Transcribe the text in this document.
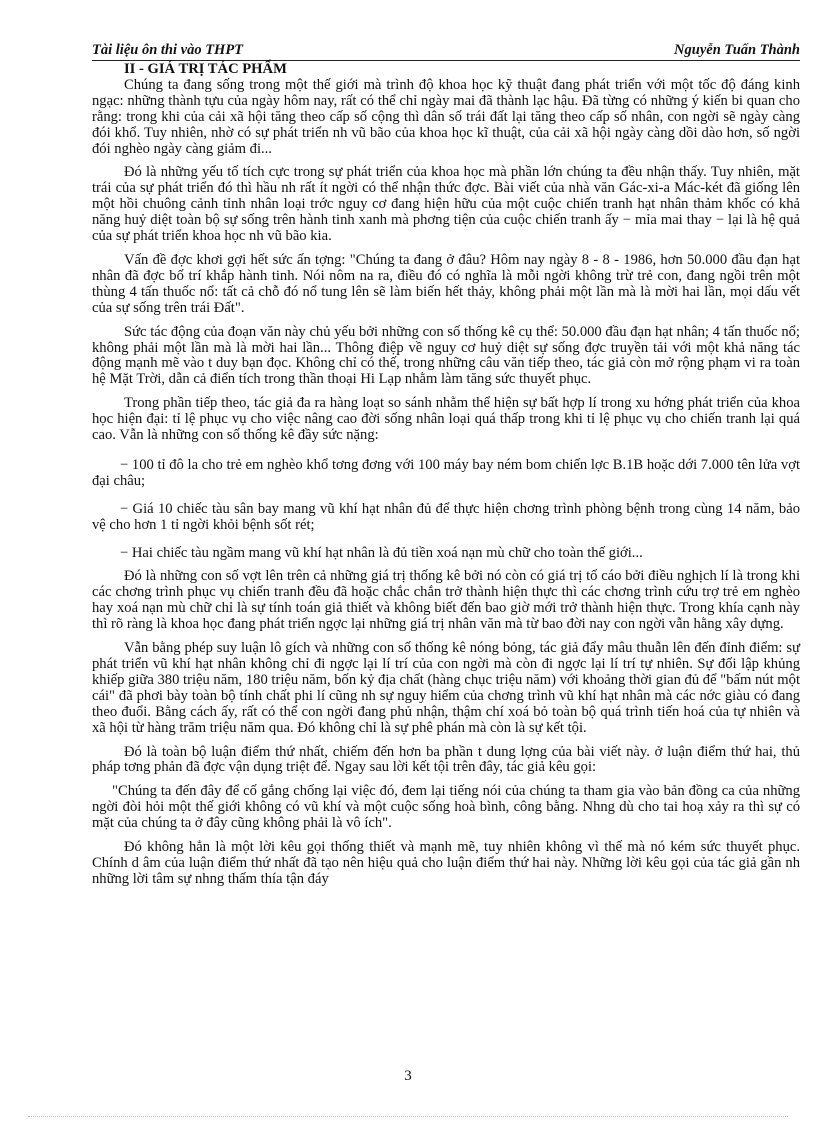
Tài liệu ôn thi vào THPT	Nguyễn Tuấn Thành
II - GIÁ TRỊ TÁC PHẨM

Chúng ta đang sống trong một thế giới mà trình độ khoa học kỹ thuật đang phát triển với một tốc độ đáng kinh ngạc: những thành tựu của ngày hôm nay, rất có thể chỉ ngày mai đã thành lạc hậu. Đã từng có những ý kiến bi quan cho rằng: trong khi của cải xã hội tăng theo cấp số cộng thì dân số trái đất lại tăng theo cấp số nhân, con ngời sẽ ngày càng đói khổ. Tuy nhiên, nhờ có sự phát triển nh vũ bão của khoa học kĩ thuật, của cải xã hội ngày càng dồi dào hơn, số ngời đói nghèo ngày càng giảm đi...

Đó là những yếu tố tích cực trong sự phát triển của khoa học mà phần lớn chúng ta đều nhận thấy. Tuy nhiên, mặt trái của sự phát triển đó thì hầu nh rất ít ngời có thể nhận thức đợc. Bài viết của nhà văn Gác-xi-a Mác-két đã giống lên một hồi chuông cảnh tỉnh nhân loại trớc nguy cơ đang hiện hữu của một cuộc chiến tranh hạt nhân thảm khốc có khả năng huỷ diệt toàn bộ sự sống trên hành tinh xanh mà phơng tiện của cuộc chiến tranh ấy − mỉa mai thay − lại là hệ quả của sự phát triển khoa học nh vũ bão kia.

Vấn đề đợc khơi gợi hết sức ấn tợng: "Chúng ta đang ở đâu? Hôm nay ngày 8 - 8 - 1986, hơn 50.000 đầu đạn hạt nhân đã đợc bố trí khắp hành tinh. Nói nôm na ra, điều đó có nghĩa là mỗi ngời không trừ trẻ con, đang ngồi trên một thùng 4 tấn thuốc nổ: tất cả chỗ đó nổ tung lên sẽ làm biến hết thảy, không phải một lần mà là mời hai lần, mọi dấu vết của sự sống trên trái Đất".

Sức tác động của đoạn văn này chủ yếu bởi những con số thống kê cụ thể: 50.000 đầu đạn hạt nhân; 4 tấn thuốc nổ; không phải một lần mà là mời hai lần... Thông điệp về nguy cơ huỷ diệt sự sống đợc truyền tải với một khả năng tác động mạnh mẽ vào t duy bạn đọc. Không chỉ có thế, trong những câu văn tiếp theo, tác giả còn mở rộng phạm vi ra toàn hệ Mặt Trời, dẫn cả điển tích trong thần thoại Hi Lạp nhằm làm tăng sức thuyết phục.

Trong phần tiếp theo, tác giả đa ra hàng loạt so sánh nhằm thể hiện sự bất hợp lí trong xu hớng phát triển của khoa học hiện đại: tỉ lệ phục vụ cho việc nâng cao đời sống nhân loại quá thấp trong khi tỉ lệ phục vụ cho chiến tranh lại quá cao. Vẫn là những con số thống kê đầy sức nặng:

− 100 tỉ đô la cho trẻ em nghèo khổ tơng đơng với 100 máy bay ném bom chiến lợc B.1B hoặc dới 7.000 tên lửa vợt đại châu;

− Giá 10 chiếc tàu sân bay mang vũ khí hạt nhân đủ để thực hiện chơng trình phòng bệnh trong cùng 14 năm, bảo vệ cho hơn 1 tỉ ngời khỏi bệnh sốt rét;

− Hai chiếc tàu ngầm mang vũ khí hạt nhân là đủ tiền xoá nạn mù chữ cho toàn thế giới...

Đó là những con số vợt lên trên cả những giá trị thống kê bởi nó còn có giá trị tố cáo bởi điều nghịch lí là trong khi các chơng trình phục vụ chiến tranh đều đã hoặc chắc chắn trở thành hiện thực thì các chơng trình cứu trợ trẻ em nghèo hay xoá nạn mù chữ chỉ là sự tính toán giả thiết và không biết đến bao giờ mới trở thành hiện thực. Trong khía cạnh này thì rõ ràng là khoa học đang phát triển ngợc lại những giá trị nhân văn mà từ bao đời nay con ngời vẫn hằng xây dựng.

Vẫn bằng phép suy luận lô gích và những con số thống kê nóng bỏng, tác giả đẩy mâu thuẫn lên đến đỉnh điểm: sự phát triển vũ khí hạt nhân không chỉ đi ngợc lại lí trí của con ngời mà còn đi ngợc lại lí trí tự nhiên. Sự đối lập khủng khiếp giữa 380 triệu năm, 180 triệu năm, bốn kỷ địa chất (hàng chục triệu năm) với khoảng thời gian đủ để "bấm nút một cái" đã phơi bày toàn bộ tính chất phi lí cũng nh sự nguy hiểm của chơng trình vũ khí hạt nhân mà các nớc giàu có đang theo đuổi. Bằng cách ấy, rất có thể con ngời đang phủ nhận, thậm chí xoá bỏ toàn bộ quá trình tiến hoá của tự nhiên và xã hội từ hàng trăm triệu năm qua. Đó không chỉ là sự phê phán mà còn là sự kết tội.

Đó là toàn bộ luận điểm thứ nhất, chiếm đến hơn ba phần t dung lợng của bài viết này. ở luận điểm thứ hai, thủ pháp tơng phản đã đợc vận dụng triệt để. Ngay sau lời kết tội trên đây, tác giả kêu gọi:

"Chúng ta đến đây để cố gắng chống lại việc đó, đem lại tiếng nói của chúng ta tham gia vào bản đồng ca của những ngời đòi hỏi một thế giới không có vũ khí và một cuộc sống hoà bình, công bằng. Nhng dù cho tai hoạ xảy ra thì sự có mặt của chúng ta ở đây cũng không phải là vô ích".

Đó không hẳn là một lời kêu gọi thống thiết và mạnh mẽ, tuy nhiên không vì thế mà nó kém sức thuyết phục. Chính d âm của luận điểm thứ nhất đã tạo nên hiệu quả cho luận điểm thứ hai này. Những lời kêu gọi của tác giả gần nh những lời tâm sự nhng thấm thía tận đáy

3
